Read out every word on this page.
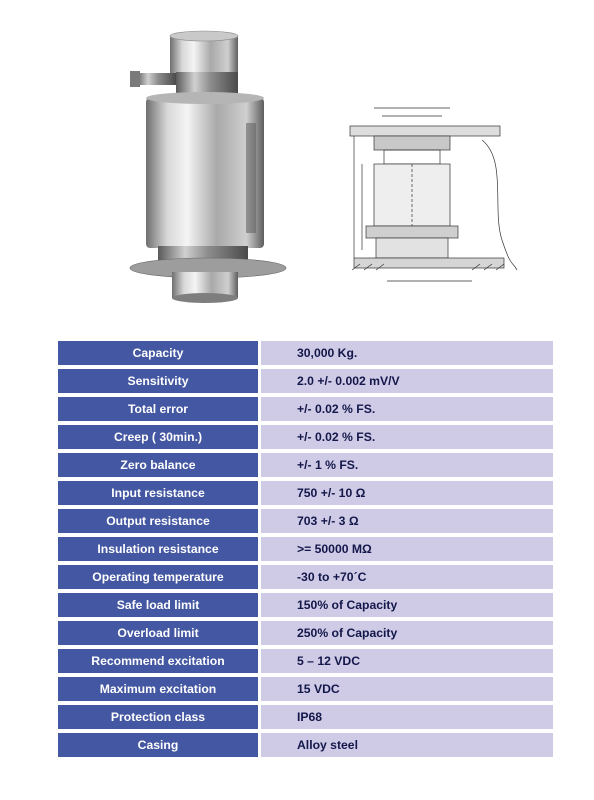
Capacity	30,000 Kg.
Sensitivity	2.0 +/- 0.002 mV/V
Total error	+/- 0.02 % FS.
Creep ( 30min.)	+/- 0.02 % FS.
Zero balance	+/- 1 % FS.
Input resistance	750 +/- 10 Ω
Output resistance	703 +/- 3 Ω
Insulation resistance	>= 50000 MΩ
Operating temperature	-30 to +70´C
Safe load limit	150% of Capacity
Overload limit	250% of Capacity
Recommend excitation	5 – 12 VDC
Maximum excitation	15 VDC
Protection class	IP68
Casing	Alloy steel
